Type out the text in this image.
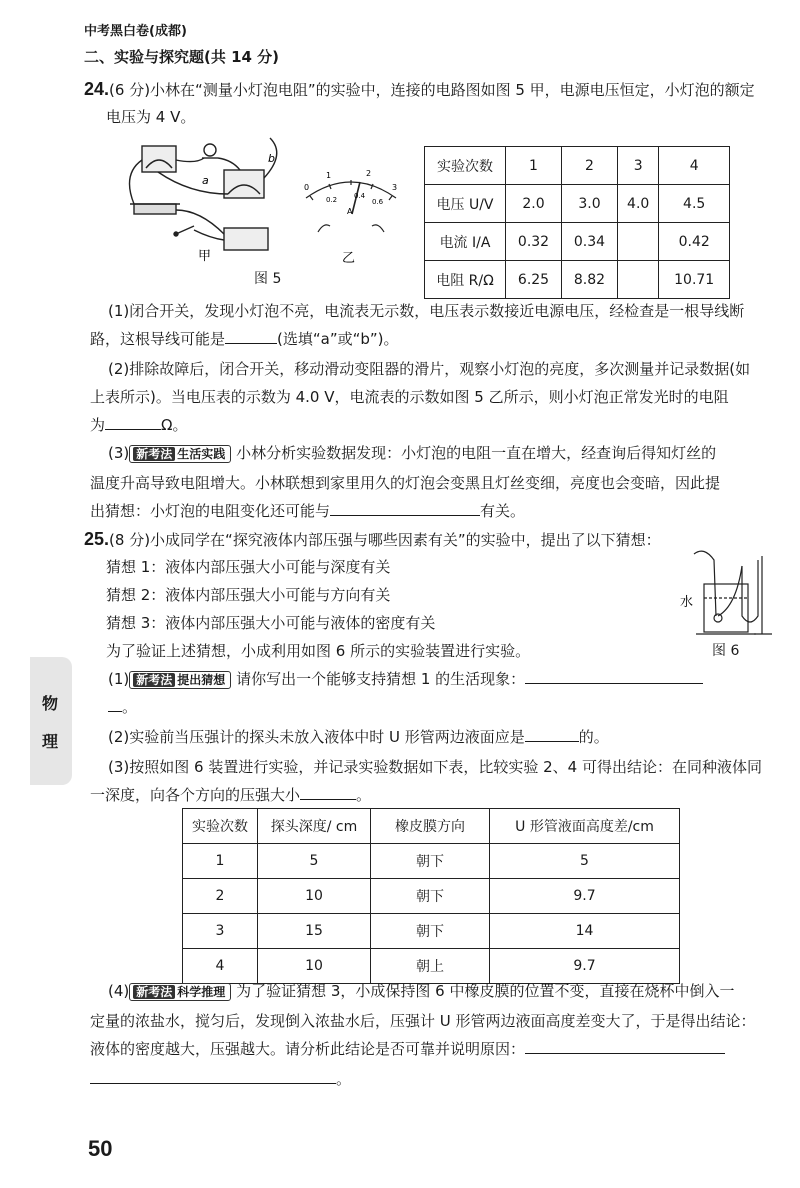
中考黑白卷(成都)
二、实验与探究题(共 14 分)
24.(6 分)小林在“测量小灯泡电阻”的实验中，连接的电路图如图 5 甲，电源电压恒定，小灯泡的额定
电压为 4 V。
a
b
甲
0
1	2
3
0.2 0.4
0.6
A
乙
图 5
实验次数	1	2	3	4
电压 U/V	2.0	3.0	4.0	4.5
电流 I/A	0.32	0.34		0.42
电阻 R/Ω	6.25	8.82		10.71
(1)闭合开关，发现小灯泡不亮，电流表无示数，电压表示数接近电源电压，经检查是一根导线断
路，这根导线可能是	(选填“a”或“b”)。
(2)排除故障后，闭合开关，移动滑动变阻器的滑片，观察小灯泡的亮度，多次测量并记录数据(如
上表所示)。当电压表的示数为 4.0 V，电流表的示数如图 5 乙所示，则小灯泡正常发光时的电阻
为	Ω。
(3) 新考法 生活实践 小林分析实验数据发现：小灯泡的电阻一直在增大，经查询后得知灯丝的
温度升高导致电阻增大。小林联想到家里用久的灯泡会变黑且灯丝变细，亮度也会变暗，因此提
出猜想：小灯泡的电阻变化还可能与	有关。
25.(8 分)小成同学在“探究液体内部压强与哪些因素有关”的实验中，提出了以下猜想：
猜想 1：液体内部压强大小可能与深度有关
猜想 2：液体内部压强大小可能与方向有关
猜想 3：液体内部压强大小可能与液体的密度有关
为了验证上述猜想，小成利用如图 6 所示的实验装置进行实验。
水
图 6
(1) 新考法 提出猜想 请你写出一个能够支持猜想 1 的生活现象：
。
(2)实验前当压强计的探头未放入液体中时 U 形管两边液面应是	的。
(3)按照如图 6 装置进行实验，并记录实验数据如下表，比较实验 2、4 可得出结论：在同种液体同
一深度，向各个方向的压强大小	。
实验次数	探头深度/ cm	橡皮膜方向	U 形管液面高度差/cm
1	5	朝下	5
2	10	朝下	9.7
3	15	朝下	14
4	10	朝上	9.7
(4) 新考法 科学推理 为了验证猜想 3，小成保持图 6 中橡皮膜的位置不变，直接在烧杯中倒入一
定量的浓盐水，搅匀后，发现倒入浓盐水后，压强计 U 形管两边液面高度差变大了，于是得出结论：
液体的密度越大，压强越大。请分析此结论是否可靠并说明原因：
。
物
理
50
